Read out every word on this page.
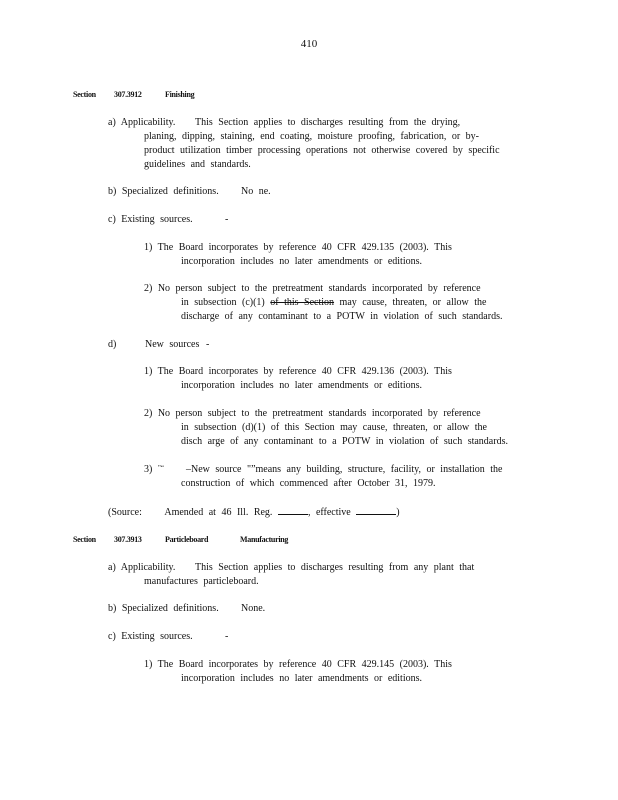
410
Section 307.3912	Finishing
a) Applicability. This Section applies to discharges resulting from the drying,
planing, dipping, staining, end coating, moisture proofing, fabrication, or by-
product utilization timber processing operations not otherwise covered by specific
guidelines and standards.
b) Specialized definitions. No ne.
c) Existing sources.	-
1) The Board incorporates by reference 40 CFR 429.135 (2003). This
incorporation includes no later amendments or editions.
2) No person subject to the pretreatment standards incorporated by reference
in subsection (c)(1) of this Section may cause, threaten, or allow the
discharge of any contaminant to a POTW in violation of such standards.
d)	New sources -
1) The Board incorporates by reference 40 CFR 429.136 (2003). This
incorporation includes no later amendments or editions.
2) No person subject to the pretreatment standards incorporated by reference
in subsection (d)(1) of this Section may cause, threaten, or allow the
disch arge of any contaminant to a POTW in violation of such standards.
3) "“ –New source "”means any building, structure, facility, or installation the
construction of which commenced after October 31, 1979.
(Source: Amended at 46 Ill. Reg.	, effective	)
Section 307.3913	Particleboard	Manufacturing
a) Applicability. This Section applies to discharges resulting from any plant that
manufactures particleboard.
b) Specialized definitions. None.
c) Existing sources.	-
1) The Board incorporates by reference 40 CFR 429.145 (2003). This
incorporation includes no later amendments or editions.
